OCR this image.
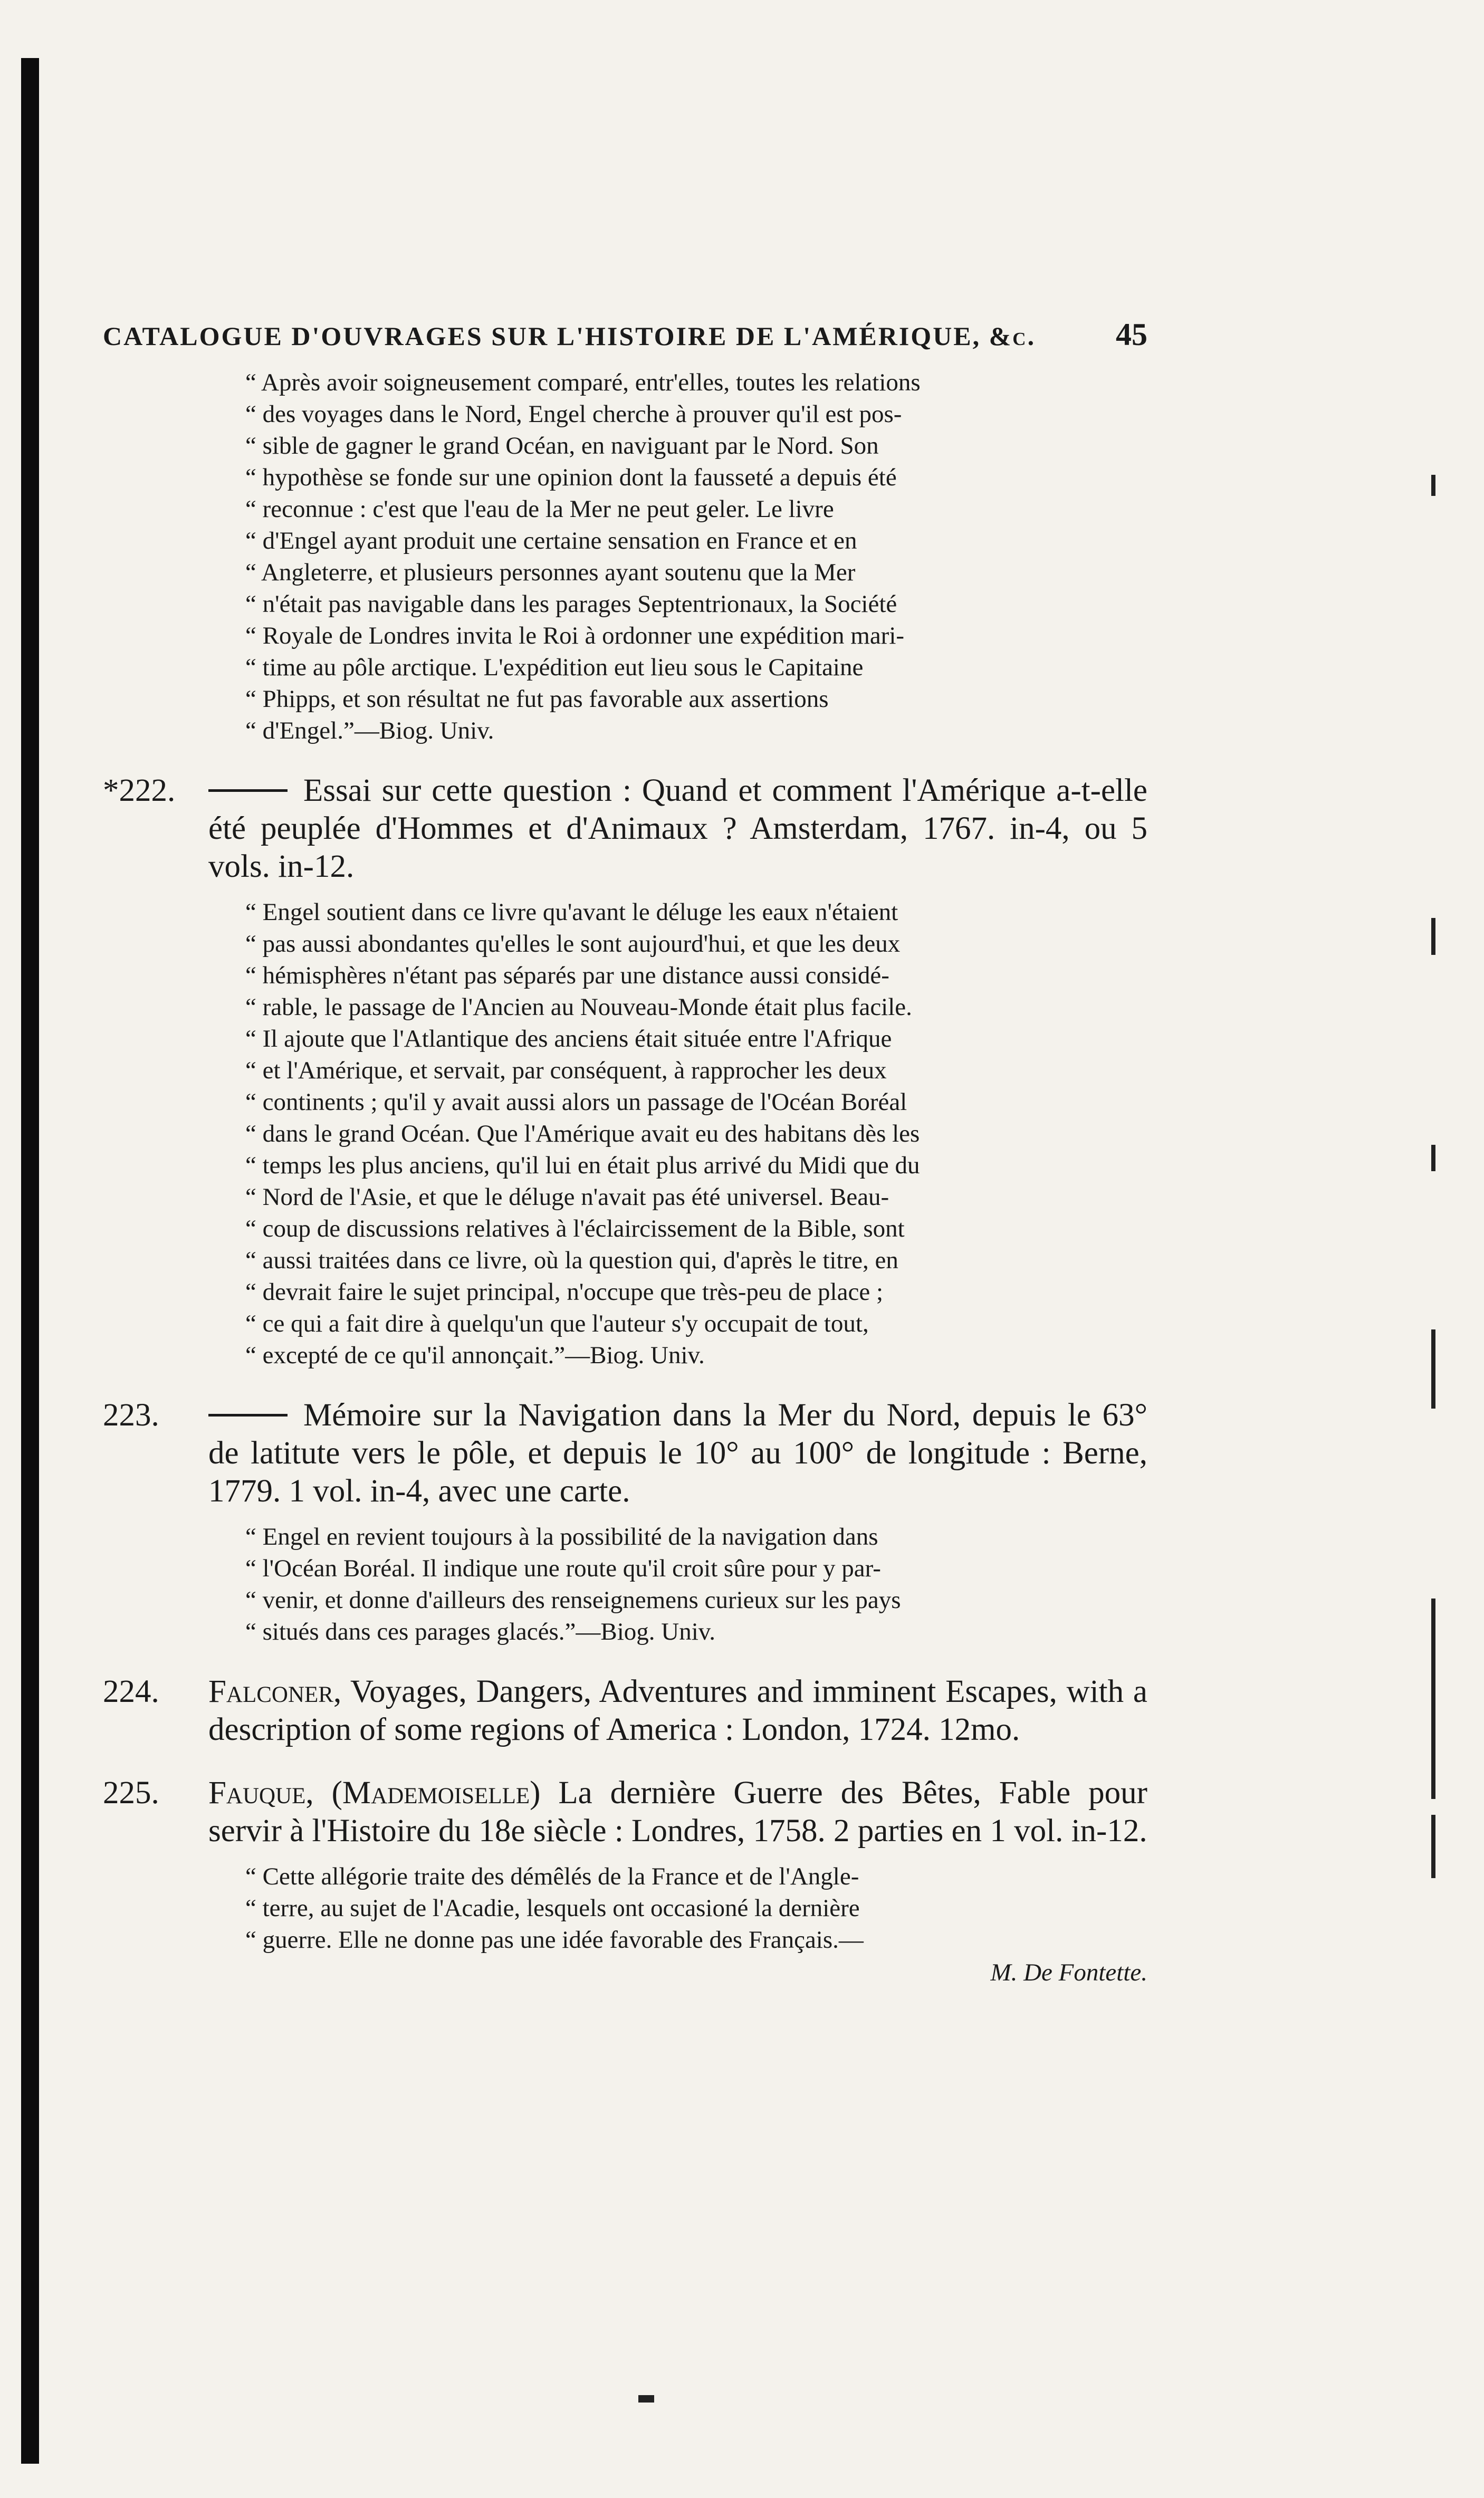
CATALOGUE D'OUVRAGES SUR L'HISTOIRE DE L'AMÉRIQUE, &c.	45

“ Après avoir soigneusement comparé, entr'elles, toutes les relations

“ des voyages dans le Nord, Engel cherche à prouver qu'il est pos-

“ sible de gagner le grand Océan, en naviguant par le Nord. Son

“ hypothèse se fonde sur une opinion dont la fausseté a depuis été

“ reconnue : c'est que l'eau de la Mer ne peut geler. Le livre

“ d'Engel ayant produit une certaine sensation en France et en

“ Angleterre, et plusieurs personnes ayant soutenu que la Mer

“ n'était pas navigable dans les parages Septentrionaux, la Société

“ Royale de Londres invita le Roi à ordonner une expédition mari-

“ time au pôle arctique. L'expédition eut lieu sous le Capitaine

“ Phipps, et son résultat ne fut pas favorable aux assertions

“ d'Engel.”—Biog. Univ.

*222.	Essai sur cette question : Quand et comment l'Amérique a-t-elle été peuplée d'Hommes et d'Animaux ? Amsterdam, 1767. in-4, ou 5 vols. in-12.

“ Engel soutient dans ce livre qu'avant le déluge les eaux n'étaient

“ pas aussi abondantes qu'elles le sont aujourd'hui, et que les deux

“ hémisphères n'étant pas séparés par une distance aussi considé-

“ rable, le passage de l'Ancien au Nouveau-Monde était plus facile.

“ Il ajoute que l'Atlantique des anciens était située entre l'Afrique

“ et l'Amérique, et servait, par conséquent, à rapprocher les deux

“ continents ; qu'il y avait aussi alors un passage de l'Océan Boréal

“ dans le grand Océan. Que l'Amérique avait eu des habitans dès les

“ temps les plus anciens, qu'il lui en était plus arrivé du Midi que du

“ Nord de l'Asie, et que le déluge n'avait pas été universel. Beau-

“ coup de discussions relatives à l'éclaircissement de la Bible, sont

“ aussi traitées dans ce livre, où la question qui, d'après le titre, en

“ devrait faire le sujet principal, n'occupe que très-peu de place ;

“ ce qui a fait dire à quelqu'un que l'auteur s'y occupait de tout,

“ excepté de ce qu'il annonçait.”—Biog. Univ.

223.	Mémoire sur la Navigation dans la Mer du Nord, depuis le 63° de latitute vers le pôle, et depuis le 10° au 100° de longitude : Berne, 1779. 1 vol. in-4, avec une carte.

“ Engel en revient toujours à la possibilité de la navigation dans

“ l'Océan Boréal. Il indique une route qu'il croit sûre pour y par-

“ venir, et donne d'ailleurs des renseignemens curieux sur les pays

“ situés dans ces parages glacés.”—Biog. Univ.

224.	Falconer, Voyages, Dangers, Adventures and imminent Escapes, with a description of some regions of America : London, 1724. 12mo.
225.	Fauque, (Mademoiselle) La dernière Guerre des Bêtes, Fable pour servir à l'Histoire du 18e siècle : Londres, 1758. 2 parties en 1 vol. in-12.

“ Cette allégorie traite des démêlés de la France et de l'Angle-

“ terre, au sujet de l'Acadie, lesquels ont occasioné la dernière

“ guerre. Elle ne donne pas une idée favorable des Français.—

M. De Fontette.
